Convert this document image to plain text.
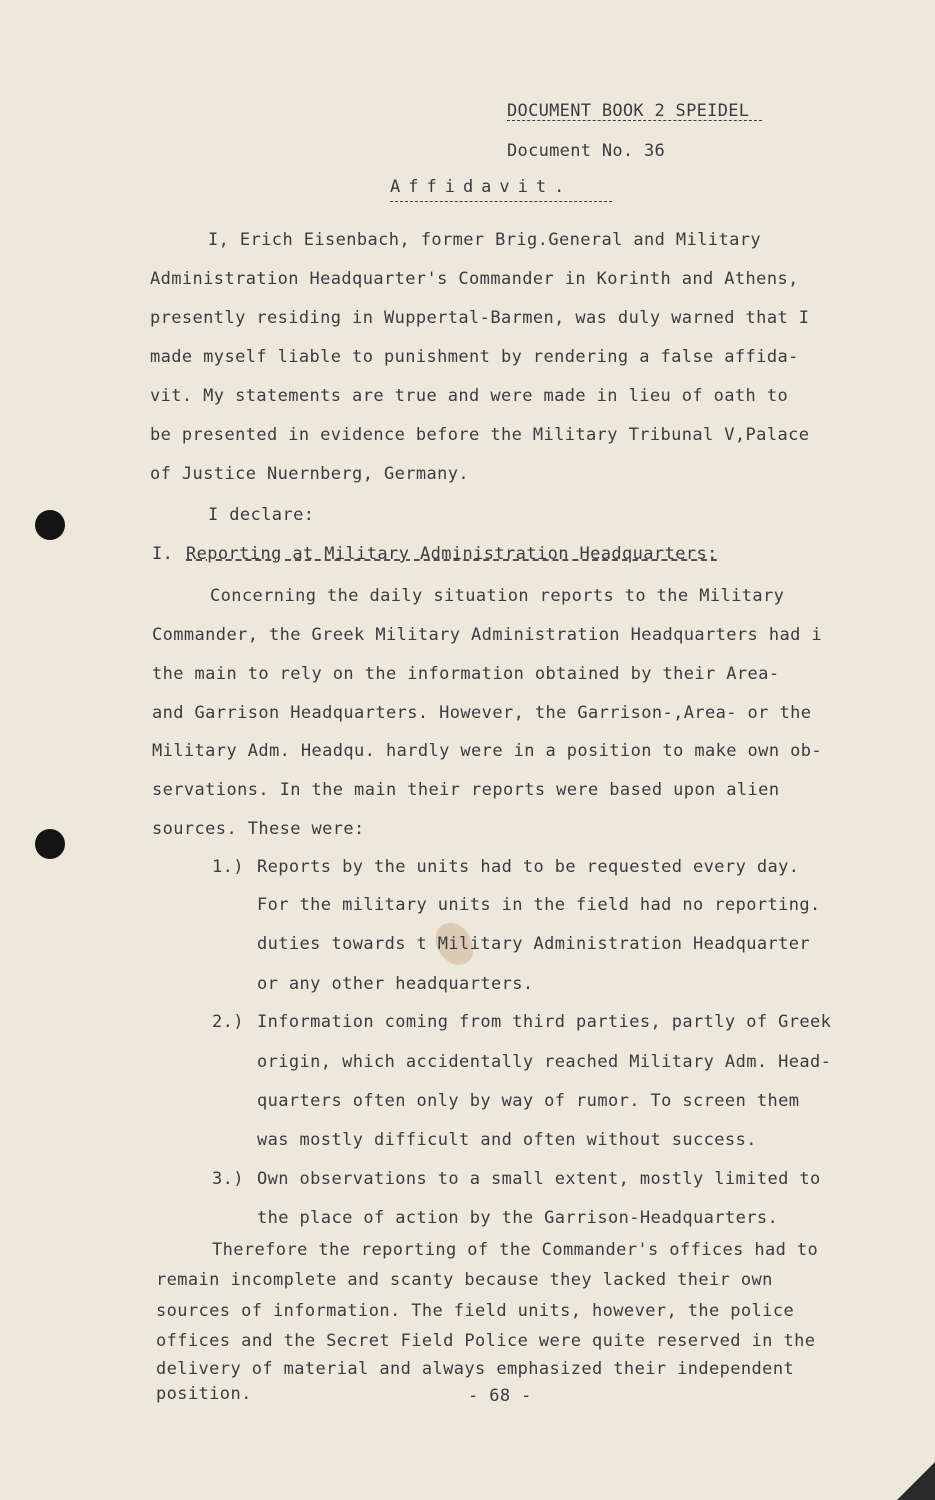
DOCUMENT BOOK 2 SPEIDEL
Document No. 36
Affidavit.
I, Erich Eisenbach, former Brig.General and Military
Administration Headquarter's Commander in Korinth and Athens,
presently residing in Wuppertal-Barmen, was duly warned that I
made myself liable to punishment by rendering a false affida-
vit. My statements are true and were made in lieu of oath to
be presented in evidence before the Military Tribunal V,Palace
of Justice Nuernberg, Germany.
I declare:
I. Reporting at Military Administration Headquarters:
Concerning the daily situation reports to the Military
Commander, the Greek Military Administration Headquarters had i
the main to rely on the information obtained by their Area-
and Garrison Headquarters. However, the Garrison-,Area- or the
Military Adm. Headqu. hardly were in a position to make own ob-
servations. In the main their reports were based upon alien
sources. These were:
1.) Reports by the units had to be requested every day.
For the military units in the field had no reporting.
duties towards t Military Administration Headquarter
or any other headquarters.
2.) Information coming from third parties, partly of Greek
origin, which accidentally reached Military Adm. Head-
quarters often only by way of rumor. To screen them
was mostly difficult and often without success.
3.) Own observations to a small extent, mostly limited to
the place of action by the Garrison-Headquarters.
Therefore the reporting of the Commander's offices had to
remain incomplete and scanty because they lacked their own
sources of information. The field units, however, the police
offices and the Secret Field Police were quite reserved in the
delivery of material and always emphasized their independent
position.	- 68 -
